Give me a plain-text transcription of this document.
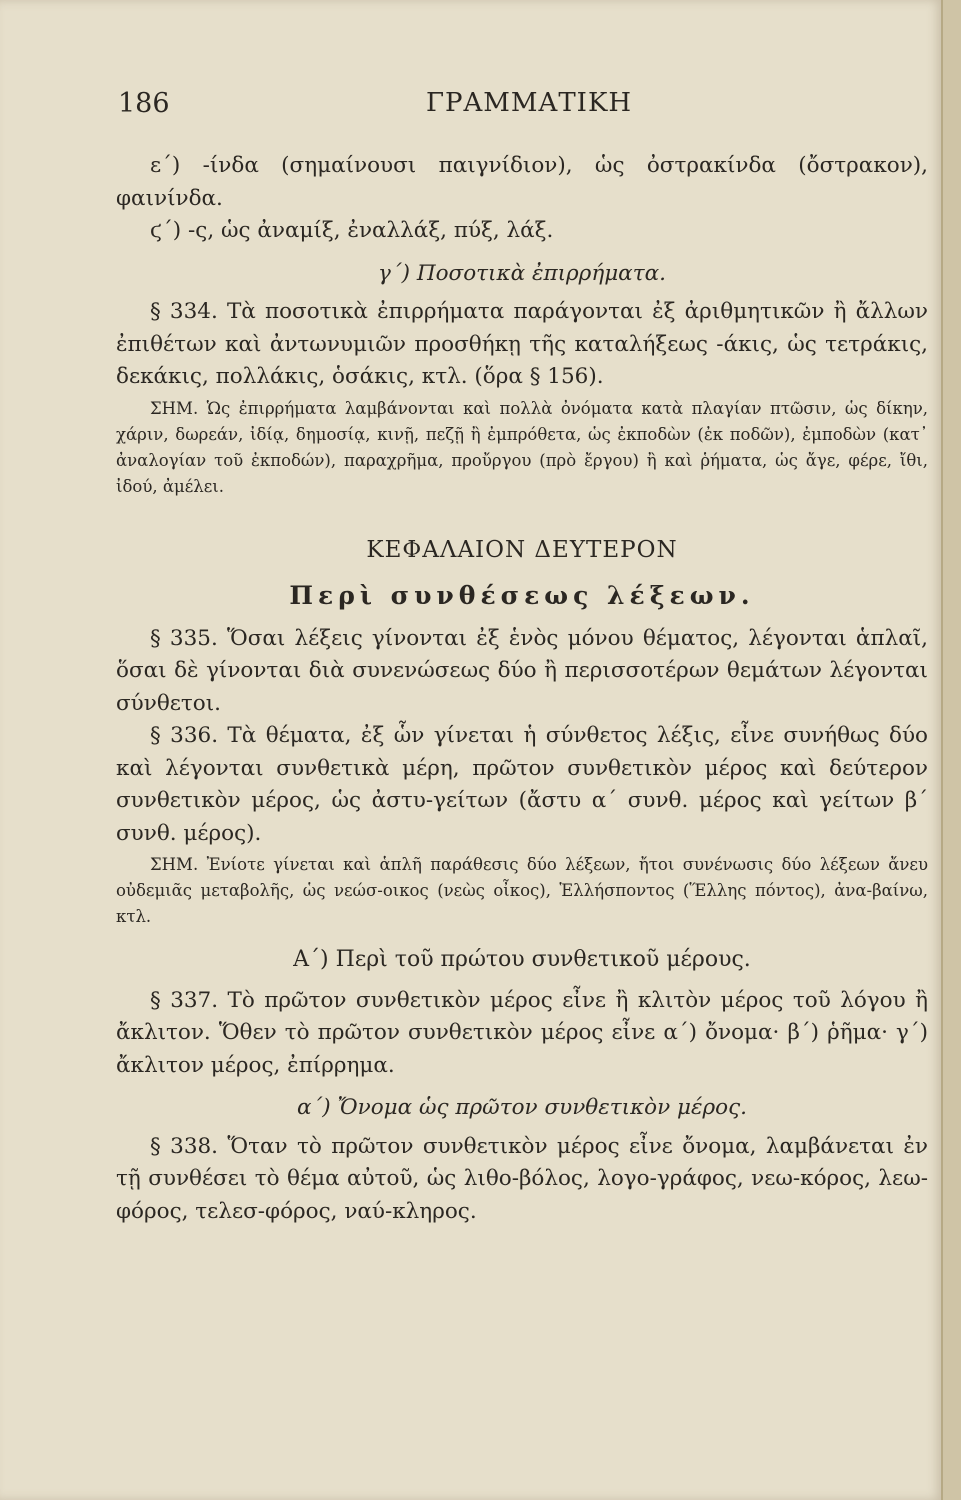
186	ΓΡΑΜΜΑΤΙΚΗ

ε΄) -ίνδα (σημαίνουσι παιγνίδιον), ὡς ὀστρακίνδα (ὄστρακον), φαινίνδα.

ϛ΄) -ς, ὡς ἀναμίξ, ἐναλλάξ, πύξ, λάξ.

γ΄) Ποσοτικὰ ἐπιρρήματα.

§ 334. Τὰ ποσοτικὰ ἐπιρρήματα παράγονται ἐξ ἀριθμητικῶν ἢ ἄλλων ἐπιθέτων καὶ ἀντωνυμιῶν προσθήκῃ τῆς καταλήξεως -άκις, ὡς τετράκις, δεκάκις, πολλάκις, ὁσάκις, κτλ. (ὅρα § 156).

ΣΗΜ. Ὡς ἐπιρρήματα λαμβάνονται καὶ πολλὰ ὀνόματα κατὰ πλαγίαν πτῶσιν, ὡς δίκην, χάριν, δωρεάν, ἰδίᾳ, δημοσίᾳ, κινῇ, πεζῇ ἢ ἐμπρόθετα, ὡς ἐκποδὼν (ἐκ ποδῶν), ἐμποδὼν (κατ᾽ ἀναλογίαν τοῦ ἐκποδών), παραχρῆμα, προὔργου (πρὸ ἔργου) ἢ καὶ ῥήματα, ὡς ἄγε, φέρε, ἴθι, ἰδού, ἀμέλει.

ΚΕΦΑΛΑΙΟΝ ΔΕΥΤΕΡΟΝ

Περὶ συνθέσεως λέξεων.

§ 335. Ὅσαι λέξεις γίνονται ἐξ ἑνὸς μόνου θέματος, λέγονται ἁπλαῖ, ὅσαι δὲ γίνονται διὰ συνενώσεως δύο ἢ περισσοτέρων θεμάτων λέγονται σύνθετοι.

§ 336. Τὰ θέματα, ἐξ ὧν γίνεται ἡ σύνθετος λέξις, εἶνε συνήθως δύο καὶ λέγονται συνθετικὰ μέρη, πρῶτον συνθετικὸν μέρος καὶ δεύτερον συνθετικὸν μέρος, ὡς ἀστυ-γείτων (ἄστυ α΄ συνθ. μέρος καὶ γείτων β΄ συνθ. μέρος).

ΣΗΜ. Ἐνίοτε γίνεται καὶ ἁπλῆ παράθεσις δύο λέξεων, ἤτοι συνένωσις δύο λέξεων ἄνευ οὐδεμιᾶς μεταβολῆς, ὡς νεώσ-οικος (νεὼς οἶκος), Ἑλλήσποντος (Ἕλλης πόντος), ἀνα-βαίνω, κτλ.

Α΄) Περὶ τοῦ πρώτου συνθετικοῦ μέρους.

§ 337. Τὸ πρῶτον συνθετικὸν μέρος εἶνε ἢ κλιτὸν μέρος τοῦ λόγου ἢ ἄκλιτον. Ὅθεν τὸ πρῶτον συνθετικὸν μέρος εἶνε α΄) ὄνομα· β΄) ῥῆμα· γ΄) ἄκλιτον μέρος, ἐπίρρημα.

α΄) Ὄνομα ὡς πρῶτον συνθετικὸν μέρος.

§ 338. Ὅταν τὸ πρῶτον συνθετικὸν μέρος εἶνε ὄνομα, λαμβάνεται ἐν τῇ συνθέσει τὸ θέμα αὐτοῦ, ὡς λιθο-βόλος, λογο-γράφος, νεω-κόρος, λεω-φόρος, τελεσ-φόρος, ναύ-κληρος.
